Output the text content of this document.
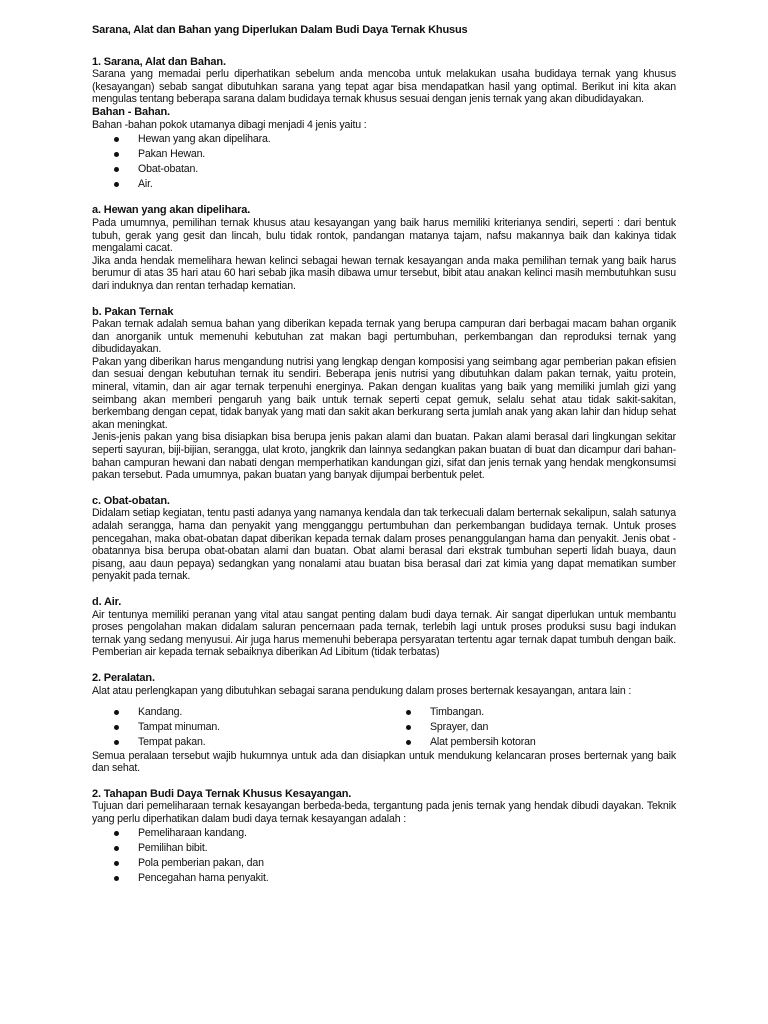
Sarana, Alat dan Bahan yang Diperlukan Dalam Budi Daya Ternak Khusus
1. Sarana, Alat dan Bahan.
Sarana yang memadai perlu diperhatikan sebelum anda mencoba untuk melakukan usaha budidaya ternak yang khusus (kesayangan) sebab sangat dibutuhkan sarana yang tepat agar bisa mendapatkan hasil yang optimal. Berikut ini kita akan mengulas tentang beberapa sarana dalam budidaya ternak khusus sesuai dengan jenis ternak yang akan dibudidayakan.
Bahan - Bahan.
Bahan -bahan pokok utamanya dibagi menjadi 4 jenis yaitu :
Hewan yang akan dipelihara.
Pakan Hewan.
Obat-obatan.
Air.
a. Hewan yang akan dipelihara.
Pada umumnya, pemilihan ternak khusus atau kesayangan yang baik harus memiliki kriterianya sendiri, seperti : dari bentuk tubuh, gerak yang gesit dan lincah, bulu tidak rontok, pandangan matanya tajam, nafsu makannya baik dan kakinya tidak mengalami cacat.
Jika anda hendak memelihara hewan kelinci sebagai hewan ternak kesayangan anda maka pemilihan ternak yang baik harus berumur di atas 35 hari atau 60 hari sebab jika masih dibawa umur tersebut, bibit atau anakan kelinci masih membutuhkan susu dari induknya dan rentan terhadap kematian.
b. Pakan Ternak
Pakan ternak adalah semua bahan yang diberikan kepada ternak yang berupa campuran dari berbagai macam bahan organik dan anorganik untuk memenuhi kebutuhan zat makan bagi pertumbuhan, perkembangan dan reproduksi ternak yang dibudidayakan.
Pakan yang diberikan harus mengandung nutrisi yang lengkap dengan komposisi yang seimbang agar pemberian pakan efisien dan sesuai dengan kebutuhan ternak itu sendiri. Beberapa jenis nutrisi yang dibutuhkan dalam pakan ternak, yaitu protein, mineral, vitamin, dan air agar ternak terpenuhi energinya. Pakan dengan kualitas yang baik yang memiliki jumlah gizi yang seimbang akan memberi pengaruh yang baik untuk ternak seperti cepat gemuk, selalu sehat atau tidak sakit-sakitan, berkembang dengan cepat, tidak banyak yang mati dan sakit akan berkurang serta jumlah anak yang akan lahir dan hidup sehat akan meningkat.
Jenis-jenis pakan yang bisa disiapkan bisa berupa jenis pakan alami dan buatan. Pakan alami berasal dari lingkungan sekitar seperti sayuran, biji-bijian, serangga, ulat kroto, jangkrik dan lainnya sedangkan pakan buatan di buat dan dicampur dari bahan-bahan campuran hewani dan nabati dengan memperhatikan kandungan gizi, sifat dan jenis ternak yang hendak mengkonsumsi pakan tersebut. Pada umumnya, pakan buatan yang banyak dijumpai berbentuk pelet.
c. Obat-obatan.
Didalam setiap kegiatan, tentu pasti adanya yang namanya kendala dan tak terkecuali dalam berternak sekalipun, salah satunya adalah serangga, hama dan penyakit yang mengganggu pertumbuhan dan perkembangan budidaya ternak. Untuk proses pencegahan, maka obat-obatan dapat diberikan kepada ternak dalam proses penanggulangan hama dan penyakit. Jenis obat - obatannya bisa berupa obat-obatan alami dan buatan. Obat alami berasal dari ekstrak tumbuhan seperti lidah buaya, daun pisang, aau daun pepaya) sedangkan yang nonalami atau buatan bisa berasal dari zat kimia yang dapat mematikan sumber penyakit pada ternak.
d. Air.
Air tentunya memiliki peranan yang vital atau sangat penting dalam budi daya ternak. Air sangat diperlukan untuk membantu proses pengolahan makan didalam saluran pencernaan pada ternak, terlebih lagi untuk proses produksi susu bagi indukan ternak yang sedang menyusui. Air juga harus memenuhi beberapa persyaratan tertentu agar ternak dapat tumbuh dengan baik. Pemberian air kepada ternak sebaiknya diberikan Ad Libitum (tidak terbatas)
2. Peralatan.
Alat atau perlengkapan yang dibutuhkan sebagai sarana pendukung dalam proses berternak kesayangan, antara lain :
Kandang.
Tampat minuman.
Tempat pakan.
Timbangan.
Sprayer, dan
Alat pembersih kotoran
Semua peralaan tersebut wajib hukumnya untuk ada dan disiapkan untuk mendukung kelancaran proses berternak yang baik dan sehat.
2. Tahapan Budi Daya Ternak Khusus Kesayangan.
Tujuan dari pemeliharaan ternak kesayangan berbeda-beda, tergantung pada jenis ternak yang hendak dibudi dayakan. Teknik yang perlu diperhatikan dalam budi daya ternak kesayangan adalah :
Pemeliharaan kandang.
Pemilihan bibit.
Pola pemberian pakan, dan
Pencegahan hama penyakit.
